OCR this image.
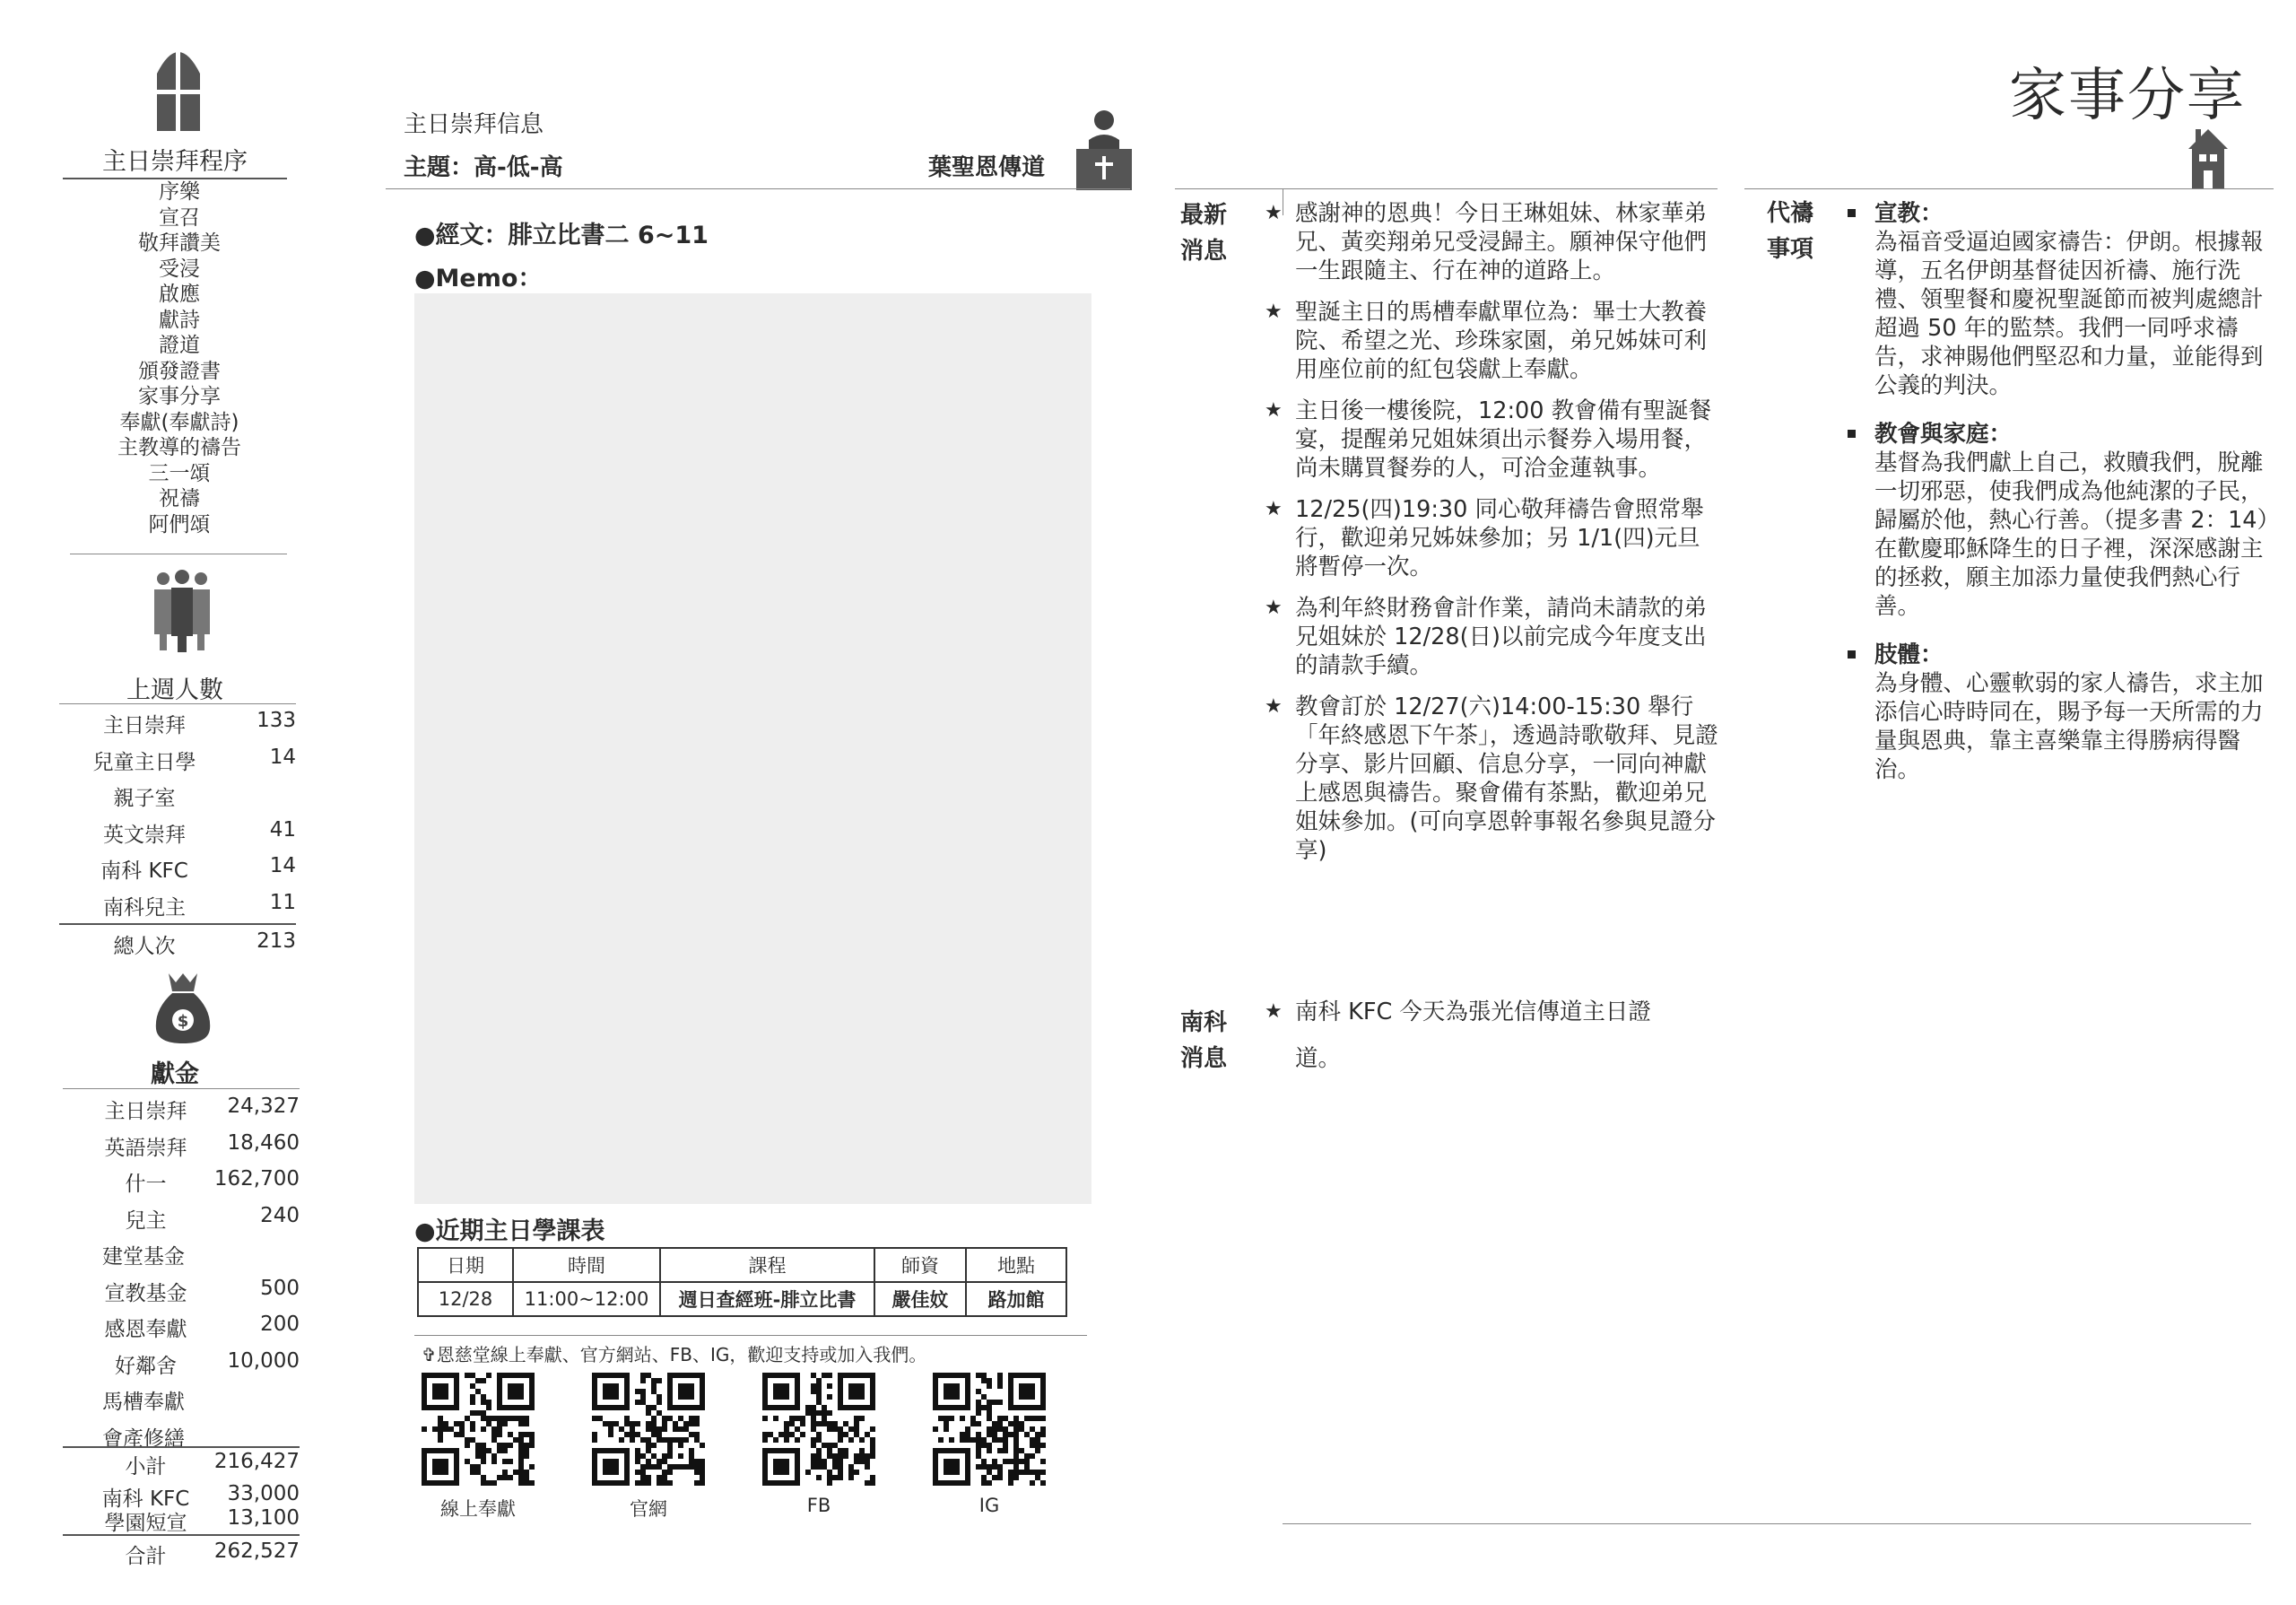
主日崇拜程序
序樂
宣召
敬拜讚美
受浸
啟應
獻詩
證道
頒發證書
家事分享
奉獻(奉獻詩)
主教導的禱告
三一頌
祝禱
阿們頌
上週人數
主日崇拜	133
兒童主日學	14
親子室
英文崇拜	41
南科 KFC	14
南科兒主	11
總人次	213
$
獻金
主日崇拜	24,327
英語崇拜	18,460
什一	162,700
兒主	240
建堂基金
宣教基金	500
感恩奉獻	200
好鄰舍	10,000
馬槽奉獻
會產修繕
小計	216,427
南科 KFC	33,000
學園短宣	13,100
合計	262,527
主日崇拜信息
主題：高-低-高	葉聖恩傳道
●經文：腓立比書二 6~11
●Memo：
●近期主日學課表
日期	時間	課程	師資	地點
12/28	11:00~12:00	週日查經班-腓立比書	嚴佳妏	路加館
✞恩慈堂線上奉獻、官方網站、FB、IG，歡迎支持或加入我們。
線上奉獻	官網	FB	IG
家事分享
最新
消息
★ 感謝神的恩典！今日王琳姐妹、林家華弟兄、黃奕翔弟兄受浸歸主。願神保守他們一生跟隨主、行在神的道路上。
★ 聖誕主日的馬槽奉獻單位為：畢士大教養院、希望之光、珍珠家園，弟兄姊妹可利用座位前的紅包袋獻上奉獻。
★ 主日後一樓後院，12:00 教會備有聖誕餐宴，提醒弟兄姐妹須出示餐券入場用餐，尚未購買餐券的人，可洽金蓮執事。
★ 12/25(四)19:30 同心敬拜禱告會照常舉行，歡迎弟兄姊妹參加；另 1/1(四)元旦將暫停一次。
★ 為利年終財務會計作業，請尚未請款的弟兄姐妹於 12/28(日)以前完成今年度支出的請款手續。
★ 教會訂於 12/27(六)14:00-15:30 舉行「年終感恩下午茶」，透過詩歌敬拜、見證分享、影片回顧、信息分享，一同向神獻上感恩與禱告。聚會備有茶點，歡迎弟兄姐妹參加。(可向享恩幹事報名參與見證分享)
南科
消息
★ 南科 KFC 今天為張光信傳道主日證
道。
代禱
事項
宣教：
為福音受逼迫國家禱告：伊朗。根據報導，五名伊朗基督徒因祈禱、施行洗禮、領聖餐和慶祝聖誕節而被判處總計超過 50 年的監禁。我們一同呼求禱告，求神賜他們堅忍和力量，並能得到公義的判決。
教會與家庭：
基督為我們獻上自己，救贖我們，脫離一切邪惡，使我們成為他純潔的子民，歸屬於他，熱心行善。（提多書 2：14）在歡慶耶穌降生的日子裡，深深感謝主的拯救，願主加添力量使我們熱心行善。
肢體：
為身體、心靈軟弱的家人禱告，求主加添信心時時同在，賜予每一天所需的力量與恩典，靠主喜樂靠主得勝病得醫治。
